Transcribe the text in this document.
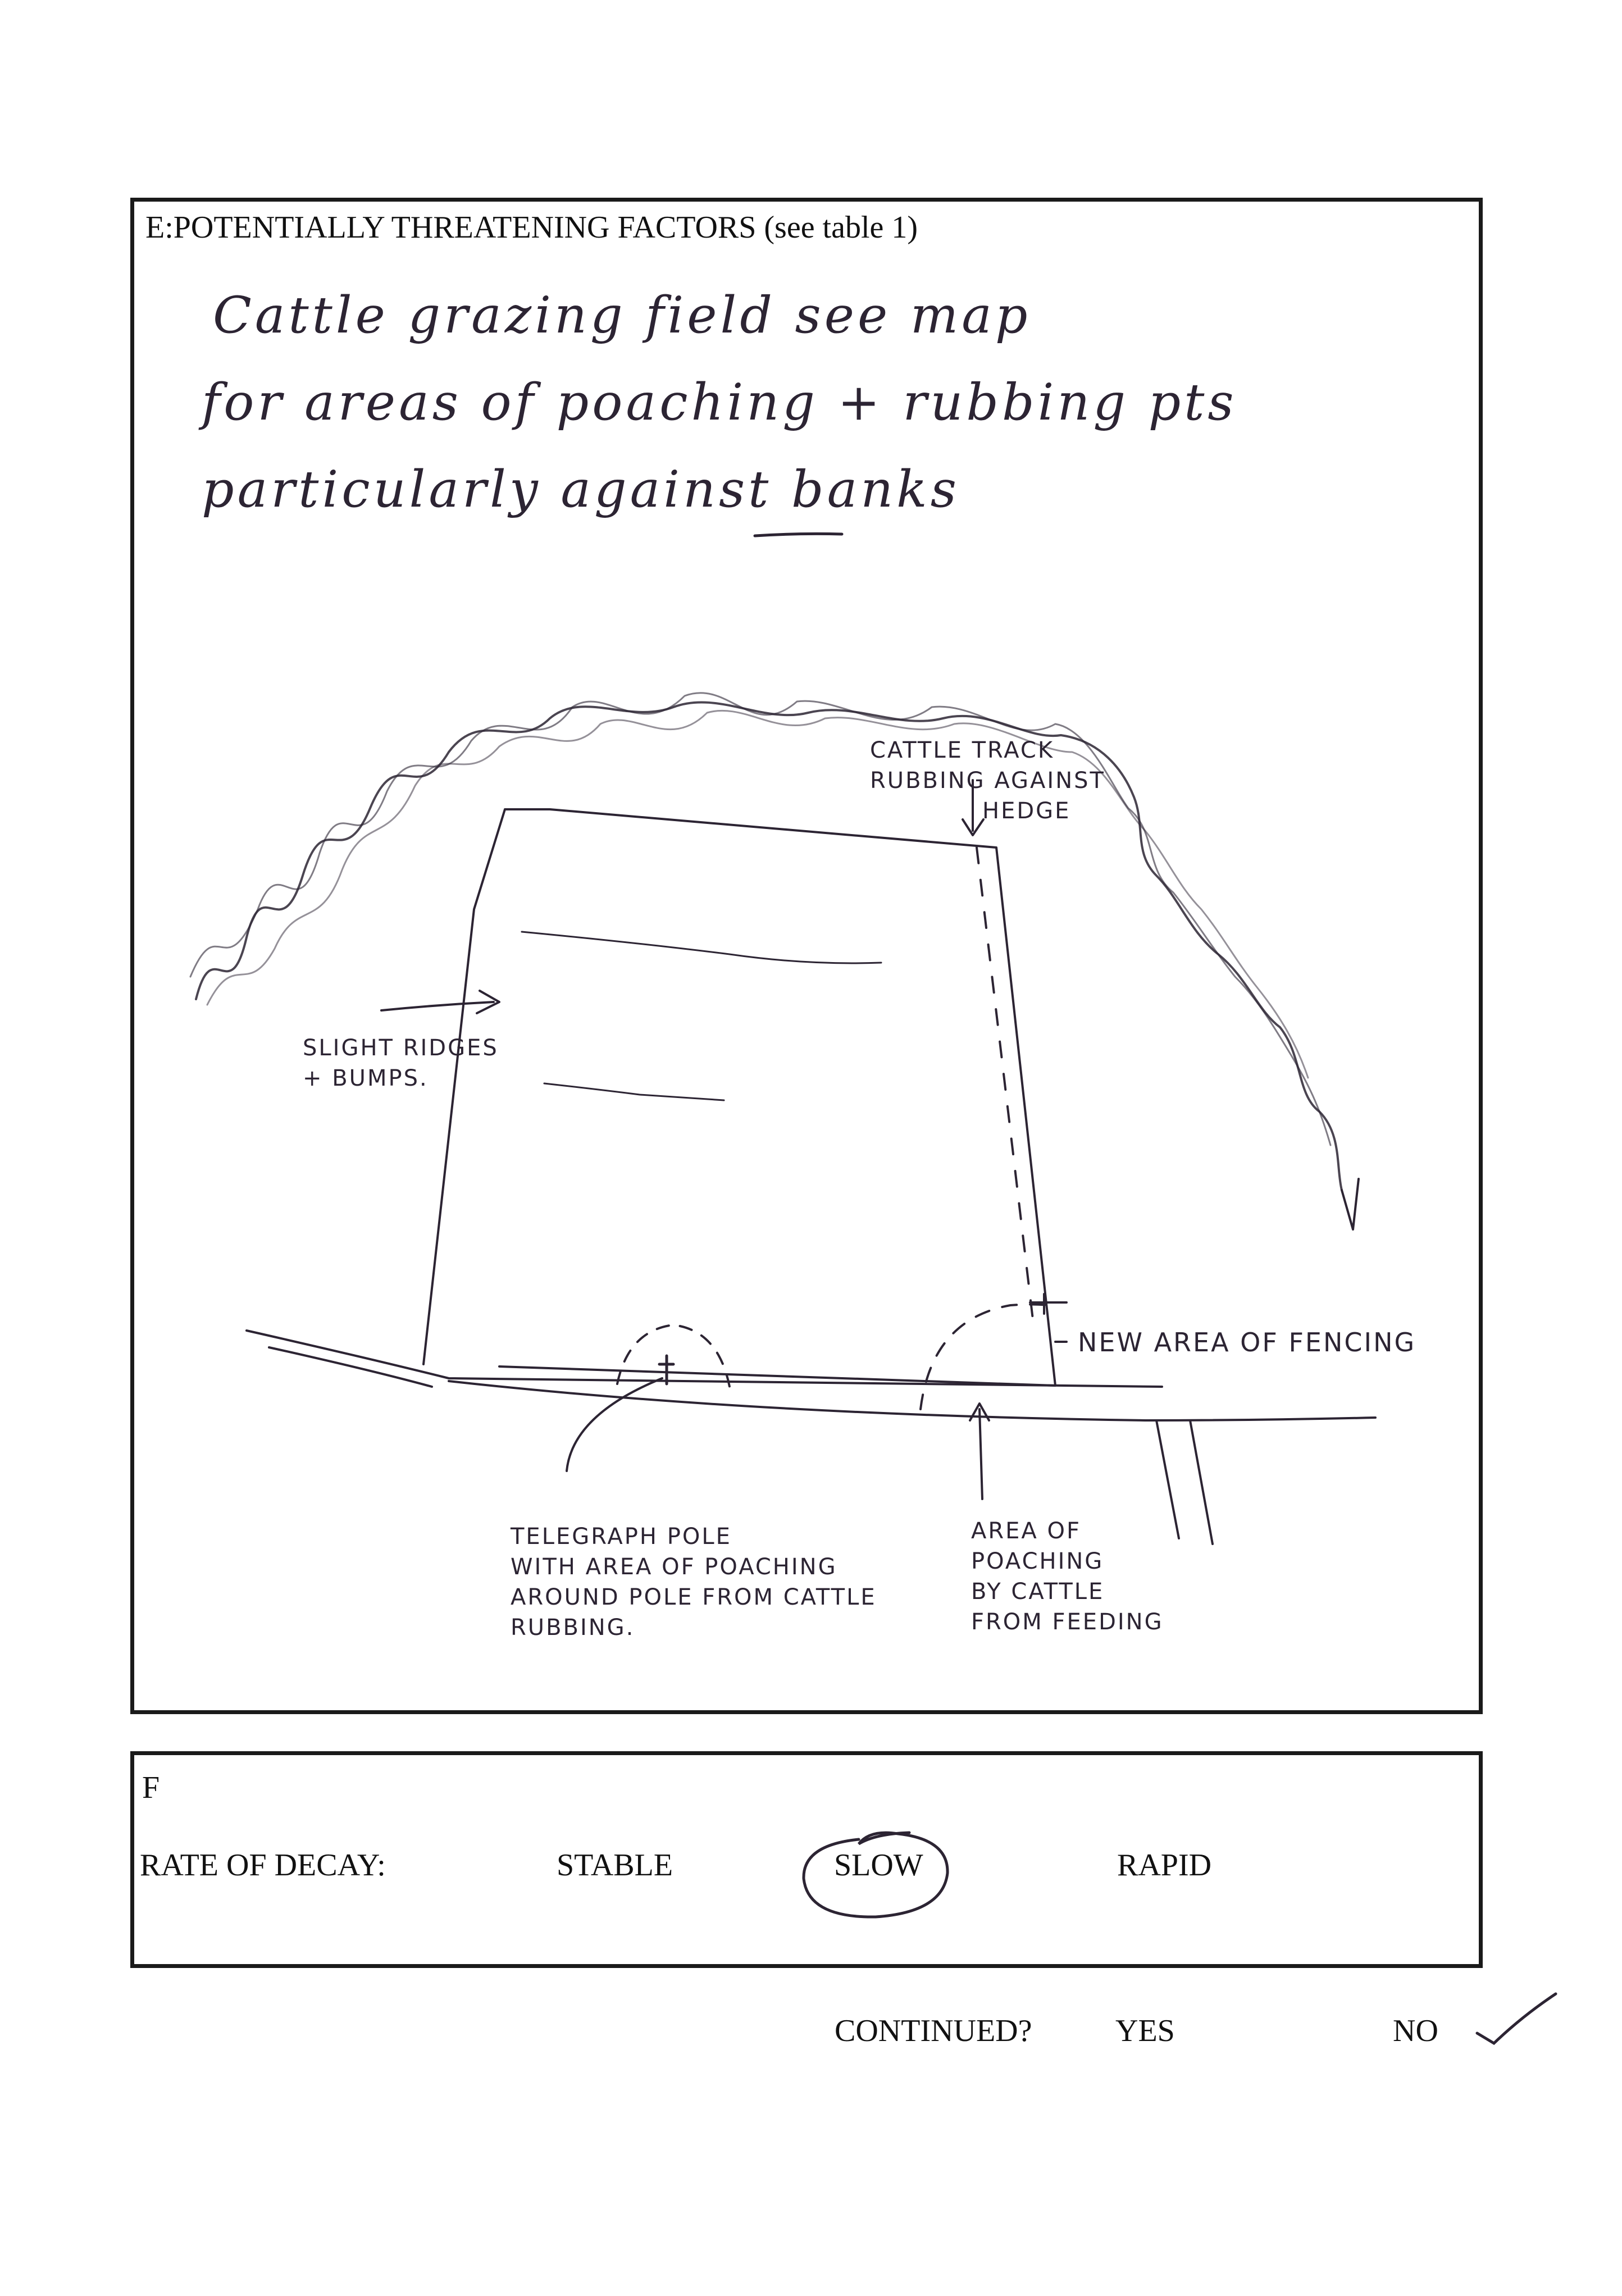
E:POTENTIALLY THREATENING FACTORS (see table 1)
Cattle grazing field see map
for areas of poaching + rubbing pts
particularly against banks
CATTLE TRACK
RUBBING AGAINST
HEDGE
SLIGHT RIDGES
+ BUMPS.
NEW AREA OF FENCING
TELEGRAPH POLE
WITH AREA OF POACHING
AROUND POLE FROM CATTLE
RUBBING.
AREA OF
POACHING
BY CATTLE
FROM FEEDING
F
RATE OF DECAY:	STABLE	SLOW	RAPID
CONTINUED?	YES	NO
